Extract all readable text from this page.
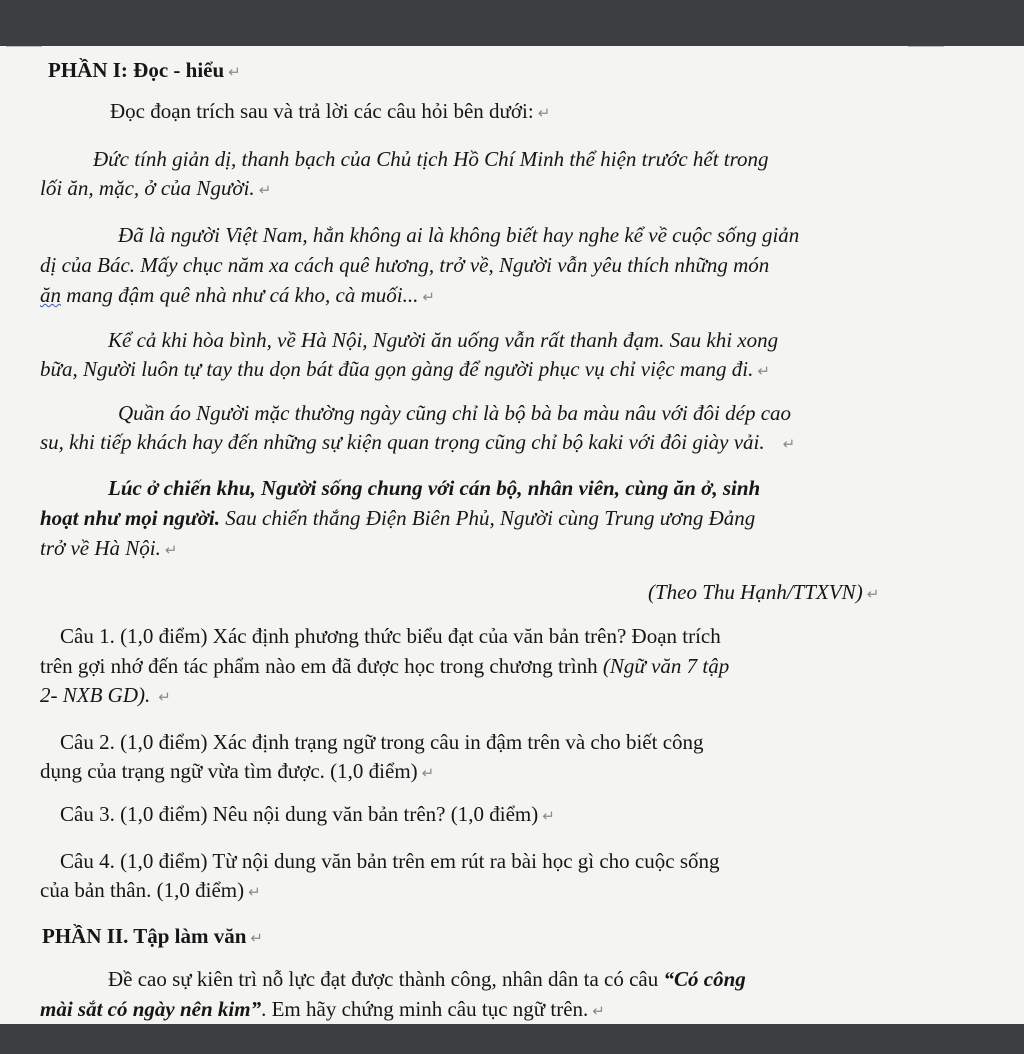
PHẦN I: Đọc - hiểu ↵
Đọc đoạn trích sau và trả lời các câu hỏi bên dưới: ↵
Đức tính giản dị, thanh bạch của Chủ tịch Hồ Chí Minh thể hiện trước hết trong
lối ăn, mặc, ở của Người. ↵
Đã là người Việt Nam, hẳn không ai là không biết hay nghe kể về cuộc sống giản
dị của Bác. Mấy chục năm xa cách quê hương, trở về, Người vẫn yêu thích những món
ăn mang đậm quê nhà như cá kho, cà muối... ↵
Kể cả khi hòa bình, về Hà Nội, Người ăn uống vẫn rất thanh đạm. Sau khi xong
bữa, Người luôn tự tay thu dọn bát đũa gọn gàng để người phục vụ chỉ việc mang đi. ↵
Quần áo Người mặc thường ngày cũng chỉ là bộ bà ba màu nâu với đôi dép cao
su, khi tiếp khách hay đến những sự kiện quan trọng cũng chỉ bộ kaki với đôi giày vải. ↵
Lúc ở chiến khu, Người sống chung với cán bộ, nhân viên, cùng ăn ở, sinh
hoạt như mọi người. Sau chiến thắng Điện Biên Phủ, Người cùng Trung ương Đảng
trở về Hà Nội. ↵
(Theo Thu Hạnh/TTXVN) ↵
Câu 1. (1,0 điểm) Xác định phương thức biểu đạt của văn bản trên? Đoạn trích
trên gợi nhớ đến tác phẩm nào em đã được học trong chương trình (Ngữ văn 7 tập
2- NXB GD). ↵
Câu 2. (1,0 điểm) Xác định trạng ngữ trong câu in đậm trên và cho biết công
dụng của trạng ngữ vừa tìm được. (1,0 điểm) ↵
Câu 3. (1,0 điểm) Nêu nội dung văn bản trên? (1,0 điểm) ↵
Câu 4. (1,0 điểm) Từ nội dung văn bản trên em rút ra bài học gì cho cuộc sống
của bản thân. (1,0 điểm) ↵
PHẦN II. Tập làm văn ↵
Đề cao sự kiên trì nỗ lực đạt được thành công, nhân dân ta có câu “Có công
mài sắt có ngày nên kim”. Em hãy chứng minh câu tục ngữ trên. ↵
